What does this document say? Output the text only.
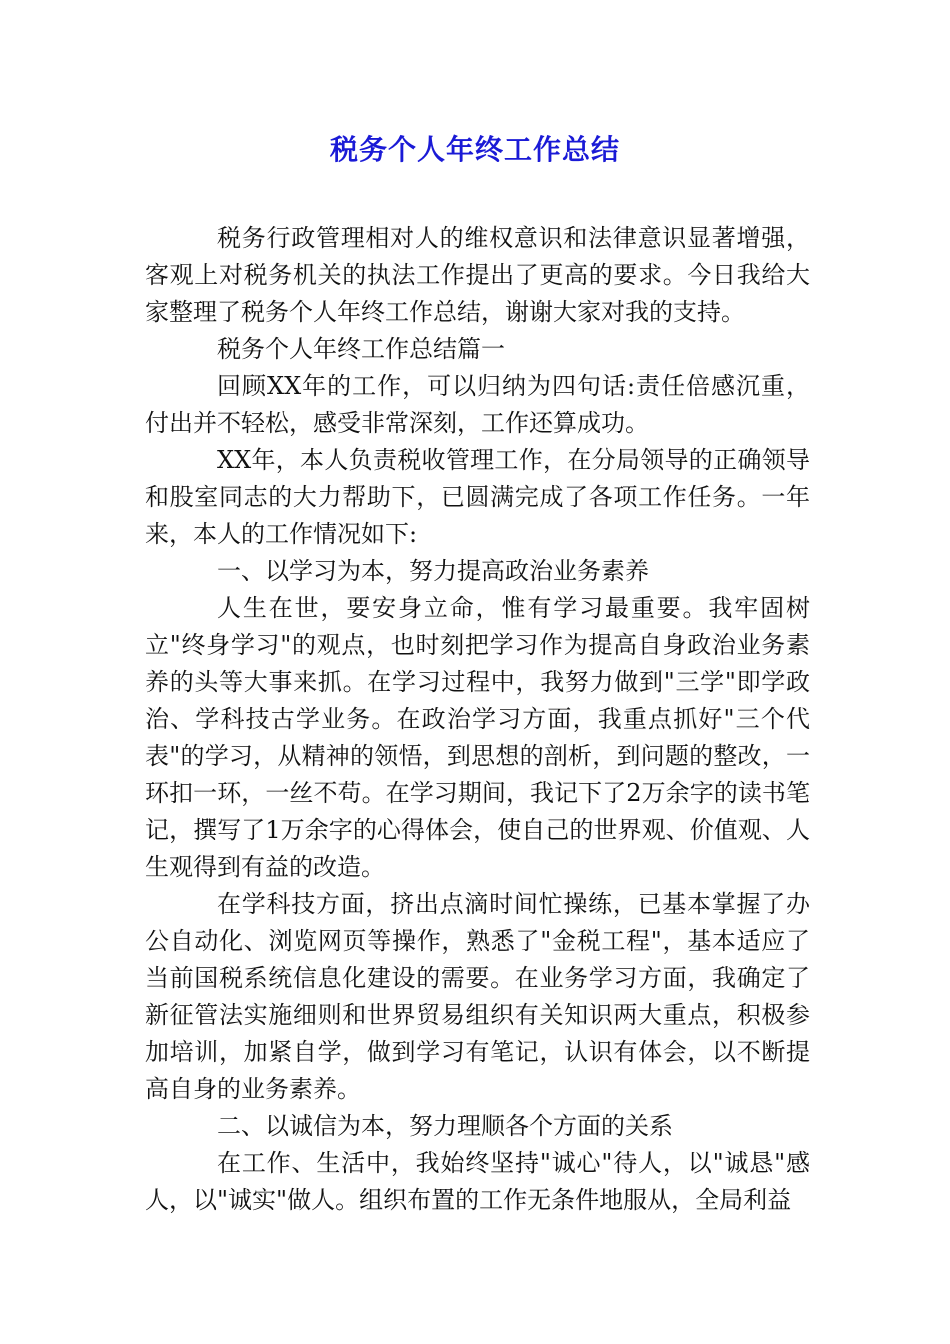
税务个人年终工作总结

税务行政管理相对人的维权意识和法律意识显著增强，客观上对税务机关的执法工作提出了更高的要求。今日我给大家整理了税务个人年终工作总结，谢谢大家对我的支持。

税务个人年终工作总结篇一

回顾XX年的工作，可以归纳为四句话:责任倍感沉重，付出并不轻松，感受非常深刻，工作还算成功。

XX年，本人负责税收管理工作，在分局领导的正确领导和股室同志的大力帮助下，已圆满完成了各项工作任务。一年来，本人的工作情况如下:

一、以学习为本，努力提高政治业务素养

人生在世，要安身立命，惟有学习最重要。我牢固树立"终身学习"的观点，也时刻把学习作为提高自身政治业务素养的头等大事来抓。在学习过程中，我努力做到"三学"即学政治、学科技古学业务。在政治学习方面，我重点抓好"三个代表"的学习，从精神的领悟，到思想的剖析，到问题的整改，一环扣一环，一丝不苟。在学习期间，我记下了2万余字的读书笔记，撰写了1万余字的心得体会，使自己的世界观、价值观、人生观得到有益的改造。

在学科技方面，挤出点滴时间忙操练，已基本掌握了办公自动化、浏览网页等操作，熟悉了"金税工程"，基本适应了当前国税系统信息化建设的需要。在业务学习方面，我确定了新征管法实施细则和世界贸易组织有关知识两大重点，积极参加培训，加紧自学，做到学习有笔记，认识有体会，以不断提高自身的业务素养。

二、以诚信为本，努力理顺各个方面的关系

在工作、生活中，我始终坚持"诚心"待人，以"诚恳"感人，以"诚实"做人。组织布置的工作无条件地服从，全局利益
